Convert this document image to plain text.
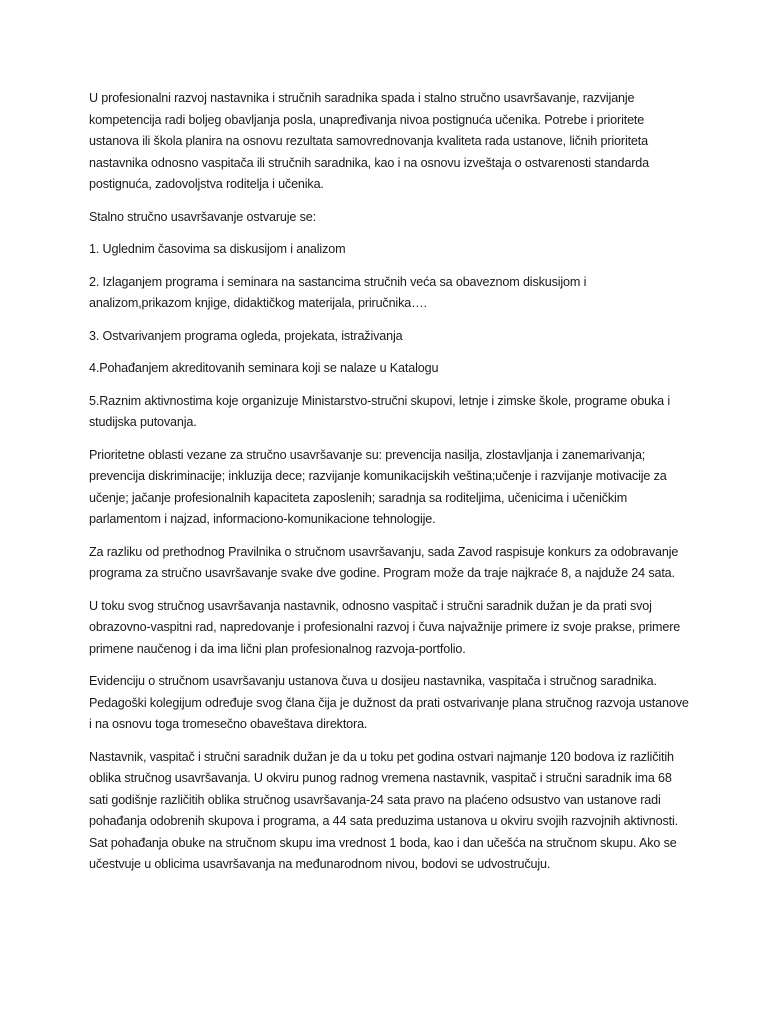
U profesionalni razvoj nastavnika i stručnih saradnika spada i stalno stručno usavršavanje, razvijanje kompetencija radi boljeg obavljanja posla, unapređivanja nivoa postignuća učenika. Potrebe i prioritete ustanova ili škola planira na osnovu rezultata samovrednovanja kvaliteta rada ustanove, ličnih prioriteta nastavnika odnosno vaspitača ili stručnih saradnika, kao i na osnovu izveštaja o ostvarenosti standarda postignuća, zadovoljstva roditelja i učenika.

Stalno stručno usavršavanje ostvaruje se:

1. Uglednim časovima sa diskusijom i analizom

2. Izlaganjem programa i seminara na sastancima stručnih veća sa obaveznom diskusijom i analizom,prikazom knjige, didaktičkog materijala, priručnika….

3. Ostvarivanjem programa ogleda, projekata, istraživanja

4.Pohađanjem akreditovanih seminara koji se nalaze u Katalogu

5.Raznim aktivnostima koje organizuje Ministarstvo-stručni skupovi, letnje i zimske škole, programe obuka i studijska putovanja.

Prioritetne oblasti vezane za stručno usavršavanje su: prevencija nasilja, zlostavljanja i zanemarivanja; prevencija diskriminacije; inkluzija dece; razvijanje komunikacijskih veština;učenje i razvijanje motivacije za učenje; jačanje profesionalnih kapaciteta zaposlenih; saradnja sa roditeljima, učenicima i učeničkim parlamentom i najzad, informaciono-komunikacione tehnologije.

Za razliku od prethodnog Pravilnika o stručnom usavršavanju, sada Zavod raspisuje konkurs za odobravanje programa za stručno usavršavanje svake dve godine. Program može da traje najkraće 8, a najduže 24 sata.

U toku svog stručnog usavršavanja nastavnik, odnosno vaspitač i stručni saradnik dužan je da prati svoj obrazovno-vaspitni rad, napredovanje i profesionalni razvoj i čuva najvažnije primere iz svoje prakse, primere primene naučenog i da ima lični plan profesionalnog razvoja-portfolio.

Evidenciju o stručnom usavršavanju ustanova čuva u dosijeu nastavnika, vaspitača i stručnog saradnika. Pedagoški kolegijum određuje svog člana čija je dužnost da prati ostvarivanje plana stručnog razvoja ustanove i na osnovu toga tromesečno obaveštava direktora.

Nastavnik, vaspitač i stručni saradnik dužan je da u toku pet godina ostvari najmanje 120 bodova iz različitih oblika stručnog usavršavanja. U okviru punog radnog vremena nastavnik, vaspitač i stručni saradnik ima 68 sati godišnje različitih oblika stručnog usavršavanja-24 sata pravo na plaćeno odsustvo van ustanove radi pohađanja odobrenih skupova i programa, a 44 sata preduzima ustanova u okviru svojih razvojnih aktivnosti. Sat pohađanja obuke na stručnom skupu ima vrednost 1 boda, kao i dan učešća na stručnom skupu. Ako se učestvuje u oblicima usavršavanja na međunarodnom nivou, bodovi se udvostručuju.
